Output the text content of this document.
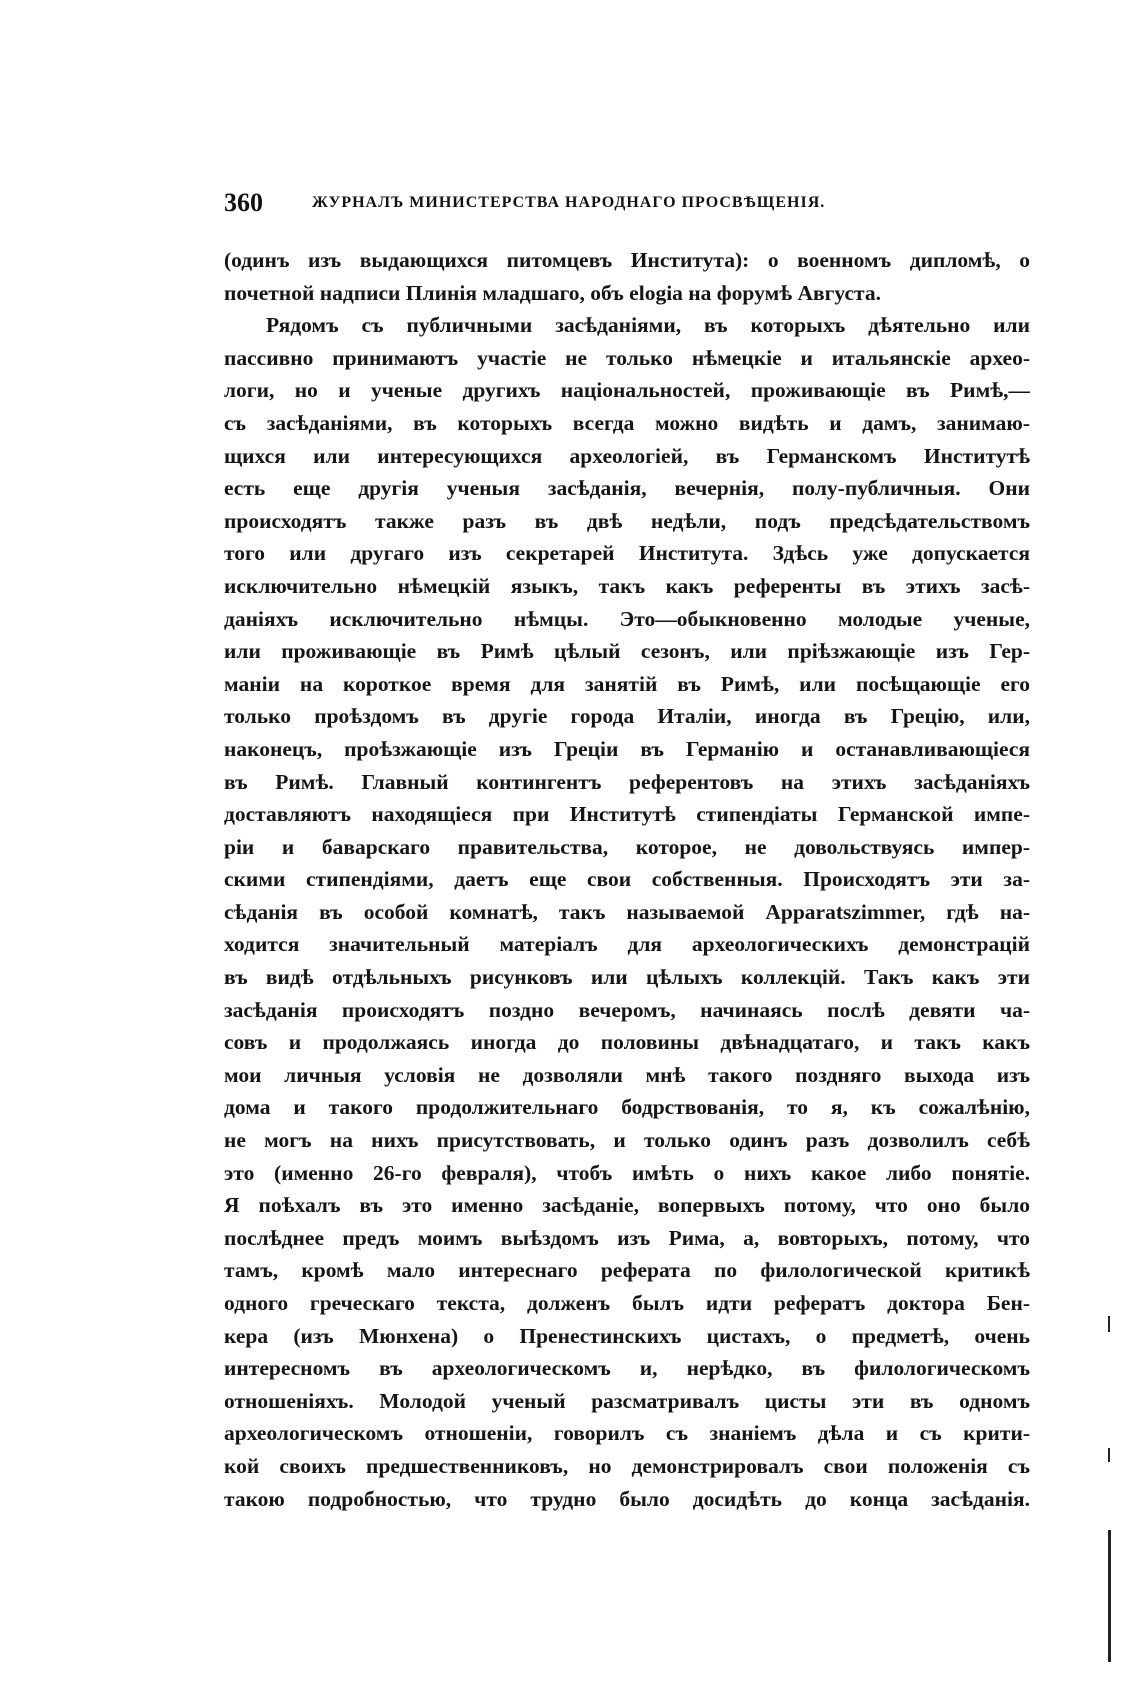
360	ЖУРНАЛЪ МИНИСТЕРСТВА НАРОДНАГО ПРОСВѢЩЕНІЯ.
(одинъ изъ выдающихся питомцевъ Института): о военномъ дипломѣ, о
почетной надписи Плинія младшаго, объ elogia на форумѣ Августа.
Рядомъ съ публичными засѣданіями, въ которыхъ дѣятельно или
пассивно принимаютъ участіе не только нѣмецкіе и итальянскіе архео-
логи, но и ученые другихъ національностей, проживающіе въ Римѣ,—
съ засѣданіями, въ которыхъ всегда можно видѣть и дамъ, занимаю-
щихся или интересующихся археологіей, въ Германскомъ Институтѣ
есть еще другія ученыя засѣданія, вечернія, полу-публичныя. Они
происходятъ также разъ въ двѣ недѣли, подъ предсѣдательствомъ
того или другаго изъ секретарей Института. Здѣсь уже допускается
исключительно нѣмецкій языкъ, такъ какъ референты въ этихъ засѣ-
даніяхъ исключительно нѣмцы. Это—обыкновенно молодые ученые,
или проживающіе въ Римѣ цѣлый сезонъ, или пріѣзжающіе изъ Гер-
маніи на короткое время для занятій въ Римѣ, или посѣщающіе его
только проѣздомъ въ другіе города Италіи, иногда въ Грецію, или,
наконецъ, проѣзжающіе изъ Греціи въ Германію и останавливающіеся
въ Римѣ. Главный контингентъ референтовъ на этихъ засѣданіяхъ
доставляютъ находящіеся при Институтѣ стипендіаты Германской импе-
ріи и баварскаго правительства, которое, не довольствуясь импер-
скими стипендіями, даетъ еще свои собственныя. Происходятъ эти за-
сѣданія въ особой комнатѣ, такъ называемой Apparatszimmer, гдѣ на-
ходится значительный матеріалъ для археологическихъ демонстрацій
въ видѣ отдѣльныхъ рисунковъ или цѣлыхъ коллекцій. Такъ какъ эти
засѣданія происходятъ поздно вечеромъ, начинаясь послѣ девяти ча-
совъ и продолжаясь иногда до половины двѣнадцатаго, и такъ какъ
мои личныя условія не дозволяли мнѣ такого поздняго выхода изъ
дома и такого продолжительнаго бодрствованія, то я, къ сожалѣнію,
не могъ на нихъ присутствовать, и только одинъ разъ дозволилъ себѣ
это (именно 26-го февраля), чтобъ имѣть о нихъ какое либо понятіе.
Я поѣхалъ въ это именно засѣданіе, вопервыхъ потому, что оно было
послѣднее предъ моимъ выѣздомъ изъ Рима, а, вовторыхъ, потому, что
тамъ, кромѣ мало интереснаго реферата по филологической критикѣ
одного греческаго текста, долженъ былъ идти рефератъ доктора Бен-
кера (изъ Мюнхена) о Пренестинскихъ цистахъ, о предметѣ, очень
интересномъ въ археологическомъ и, нерѣдко, въ филологическомъ
отношеніяхъ. Молодой ученый разсматривалъ цисты эти въ одномъ
археологическомъ отношеніи, говорилъ съ знаніемъ дѣла и съ крити-
кой своихъ предшественниковъ, но демонстрировалъ свои положенія съ
такою подробностью, что трудно было досидѣть до конца засѣданія.
